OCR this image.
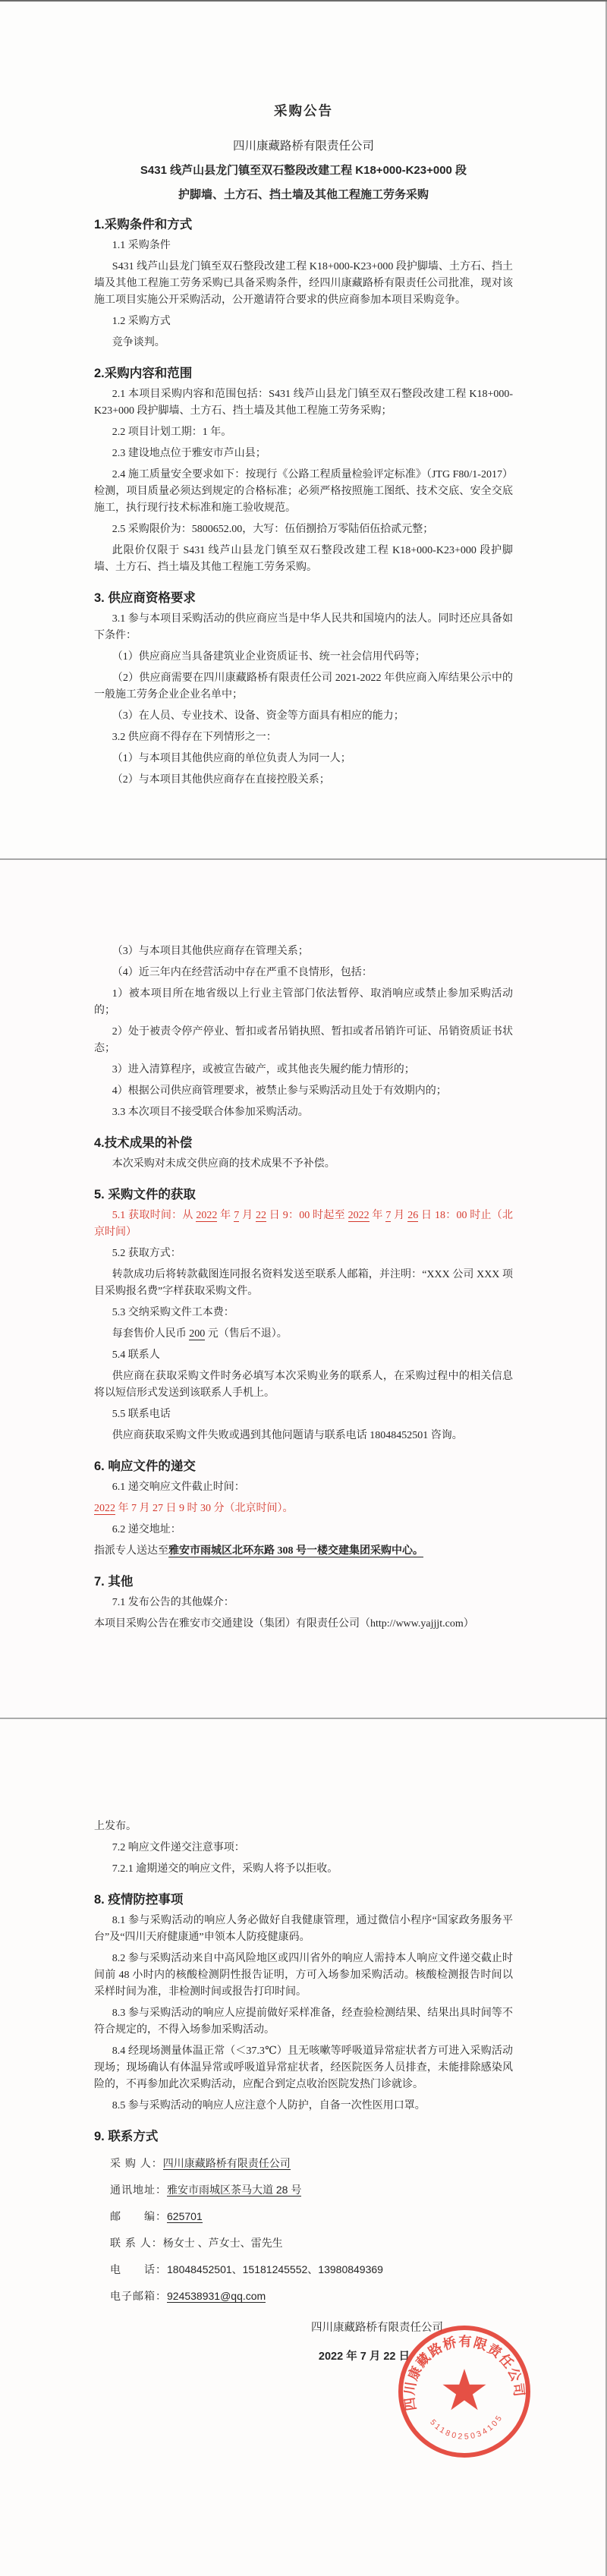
采购公告
四川康藏路桥有限责任公司
S431 线芦山县龙门镇至双石整段改建工程 K18+000-K23+000 段
护脚墙、土方石、挡土墙及其他工程施工劳务采购
1.采购条件和方式

1.1 采购条件

S431 线芦山县龙门镇至双石整段改建工程 K18+000-K23+000 段护脚墙、土方石、挡土墙及其他工程施工劳务采购已具备采购条件，经四川康藏路桥有限责任公司批准，现对该施工项目实施公开采购活动，公开邀请符合要求的供应商参加本项目采购竞争。

1.2 采购方式

竞争谈判。

2.采购内容和范围

2.1 本项目采购内容和范围包括：S431 线芦山县龙门镇至双石整段改建工程 K18+000-K23+000 段护脚墙、土方石、挡土墙及其他工程施工劳务采购；

2.2 项目计划工期：1 年。

2.3 建设地点位于雅安市芦山县；

2.4 施工质量安全要求如下：按现行《公路工程质量检验评定标准》（JTG F80/1-2017）检测，项目质量必须达到规定的合格标准；必须严格按照施工图纸、技术交底、安全交底施工，执行现行技术标准和施工验收规范。

2.5 采购限价为：5800652.00，大写：伍佰捌拾万零陆佰伍拾贰元整；

此限价仅限于 S431 线芦山县龙门镇至双石整段改建工程 K18+000-K23+000 段护脚墙、土方石、挡土墙及其他工程施工劳务采购。

3. 供应商资格要求

3.1 参与本项目采购活动的供应商应当是中华人民共和国境内的法人。同时还应具备如下条件：

（1）供应商应当具备建筑业企业资质证书、统一社会信用代码等；

（2）供应商需要在四川康藏路桥有限责任公司 2021-2022 年供应商入库结果公示中的一般施工劳务企业企业名单中；

（3）在人员、专业技术、设备、资金等方面具有相应的能力；

3.2 供应商不得存在下列情形之一：

（1）与本项目其他供应商的单位负责人为同一人；

（2）与本项目其他供应商存在直接控股关系；

（3）与本项目其他供应商存在管理关系；

（4）近三年内在经营活动中存在严重不良情形，包括：

1）被本项目所在地省级以上行业主管部门依法暂停、取消响应或禁止参加采购活动的；

2）处于被责令停产停业、暂扣或者吊销执照、暂扣或者吊销许可证、吊销资质证书状态；

3）进入清算程序，或被宣告破产，或其他丧失履约能力情形的；

4）根据公司供应商管理要求，被禁止参与采购活动且处于有效期内的；

3.3 本次项目不接受联合体参加采购活动。

4.技术成果的补偿

本次采购对未成交供应商的技术成果不予补偿。

5. 采购文件的获取

5.1 获取时间：从 2022 年 7 月 22 日 9：00 时起至 2022 年 7 月 26 日 18：00 时止（北京时间）

5.2 获取方式：

转款成功后将转款截图连同报名资料发送至联系人邮箱，并注明：“XXX 公司 XXX 项目采购报名费”字样获取采购文件。

5.3 交纳采购文件工本费：

每套售价人民币 200 元（售后不退）。

5.4 联系人

供应商在获取采购文件时务必填写本次采购业务的联系人，在采购过程中的相关信息将以短信形式发送到该联系人手机上。

5.5 联系电话

供应商获取采购文件失败或遇到其他问题请与联系电话 18048452501 咨询。

6. 响应文件的递交

6.1 递交响应文件截止时间：

2022 年 7 月 27 日 9 时 30 分（北京时间）。

6.2 递交地址：

指派专人送达至雅安市雨城区北环东路 308 号一楼交建集团采购中心。

7. 其他

7.1 发布公告的其他媒介：

本项目采购公告在雅安市交通建设（集团）有限责任公司（http://www.yajjjt.com）

上发布。

7.2 响应文件递交注意事项：

7.2.1 逾期递交的响应文件，采购人将予以拒收。

8. 疫情防控事项

8.1 参与采购活动的响应人务必做好自我健康管理，通过微信小程序“国家政务服务平台”及“四川天府健康通”申领本人防疫健康码。

8.2 参与采购活动来自中高风险地区或四川省外的响应人需持本人响应文件递交截止时间前 48 小时内的核酸检测阴性报告证明，方可入场参加采购活动。核酸检测报告时间以采样时间为准，非检测时间或报告打印时间。

8.3 参与采购活动的响应人应提前做好采样准备，经查验检测结果、结果出具时间等不符合规定的，不得入场参加采购活动。

8.4 经现场测量体温正常（＜37.3℃）且无咳嗽等呼吸道异常症状者方可进入采购活动现场；现场确认有体温异常或呼吸道异常症状者，经医院医务人员排查，未能排除感染风险的，不再参加此次采购活动，应配合到定点收治医院发热门诊就诊。

8.5 参与采购活动的响应人应注意个人防护，自备一次性医用口罩。

9. 联系方式

采 购 人：四川康藏路桥有限责任公司

通讯地址：雅安市雨城区茶马大道 28 号

邮　　编：625701

联 系 人：杨女士 、芦女士、雷先生

电　　话：18048452501、15181245552、13980849369

电子邮箱：924538931@qq.com

四川康藏路桥有限责任公司

2022 年 7 月 22 日

四川康藏路桥有限责任公司
5118025034105
